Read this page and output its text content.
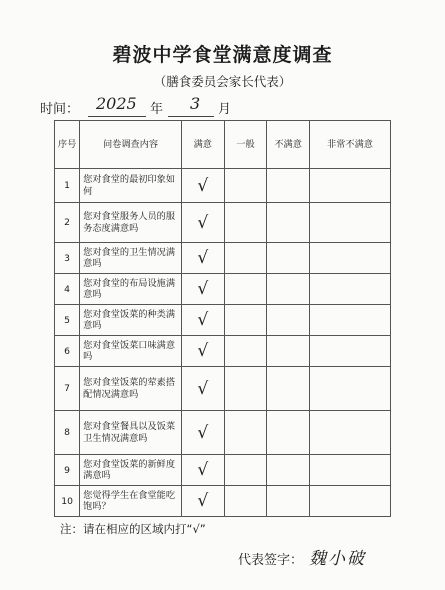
碧波中学食堂满意度调查
（膳食委员会家长代表）
时间： 2025 年 3 月
序号	问卷调查内容	满意	一般	不满意	非常不满意
1	您对食堂的最初印象如何	√			
2	您对食堂服务人员的服务态度满意吗	√			
3	您对食堂的卫生情况满意吗	√			
4	您对食堂的布局设施满意吗	√			
5	您对食堂饭菜的种类满意吗	√			
6	您对食堂饭菜口味满意吗	√			
7	您对食堂饭菜的荤素搭配情况满意吗	√			
8	您对食堂餐具以及饭菜卫生情况满意吗	√			
9	您对食堂饭菜的新鲜度满意吗	√			
10	您觉得学生在食堂能吃饱吗？	√			
注：请在相应的区域内打“√”
代表签字： 魏小破
